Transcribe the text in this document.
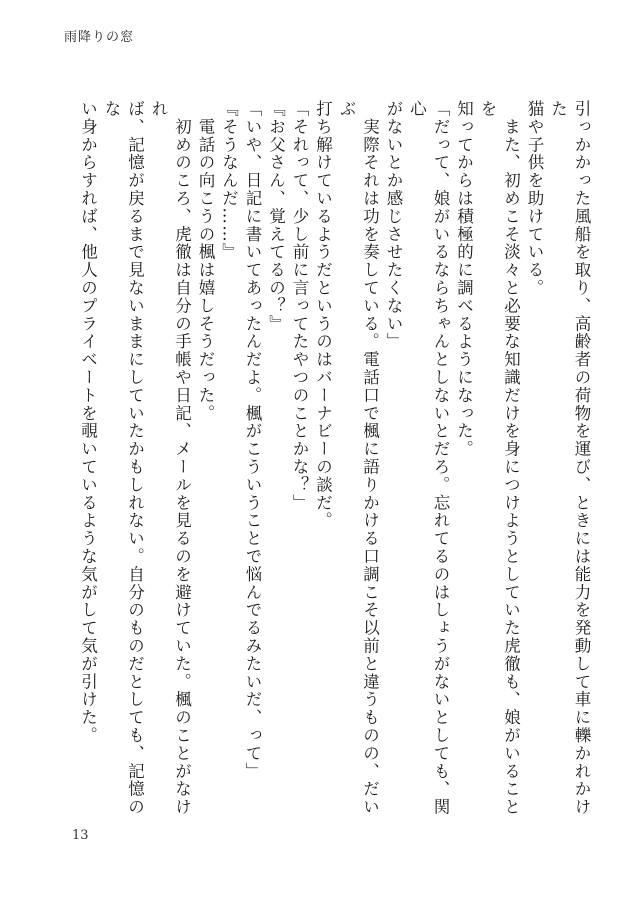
雨降りの窓

引っかかった風船を取り、高齢者の荷物を運び、ときには能力を発動して車に轢かれかけた

猫や子供を助けている。

　また、初めこそ淡々と必要な知識だけを身につけようとしていた虎徹も、娘がいることを

知ってからは積極的に調べるようになった。

「だって、娘がいるならちゃんとしないとだろ。忘れてるのはしょうがないとしても、関心

がないとか感じさせたくない」

　実際それは功を奏している。電話口で楓に語りかける口調こそ以前と違うものの、だいぶ

打ち解けているようだというのはバーナビーの談だ。

「それって、少し前に言ってたやつのことかな？」

『お父さん、覚えてるの？』

「いや、日記に書いてあったんだよ。楓がこういうことで悩んでるみたいだ、って」

『そうなんだ……』

　電話の向こうの楓は嬉しそうだった。

　初めのころ、虎徹は自分の手帳や日記、メールを見るのを避けていた。楓のことがなけれ

ば、記憶が戻るまで見ないままにしていたかもしれない。自分のものだとしても、記憶のな

い身からすれば、他人のプライベートを覗いているような気がして気が引けた。

13
